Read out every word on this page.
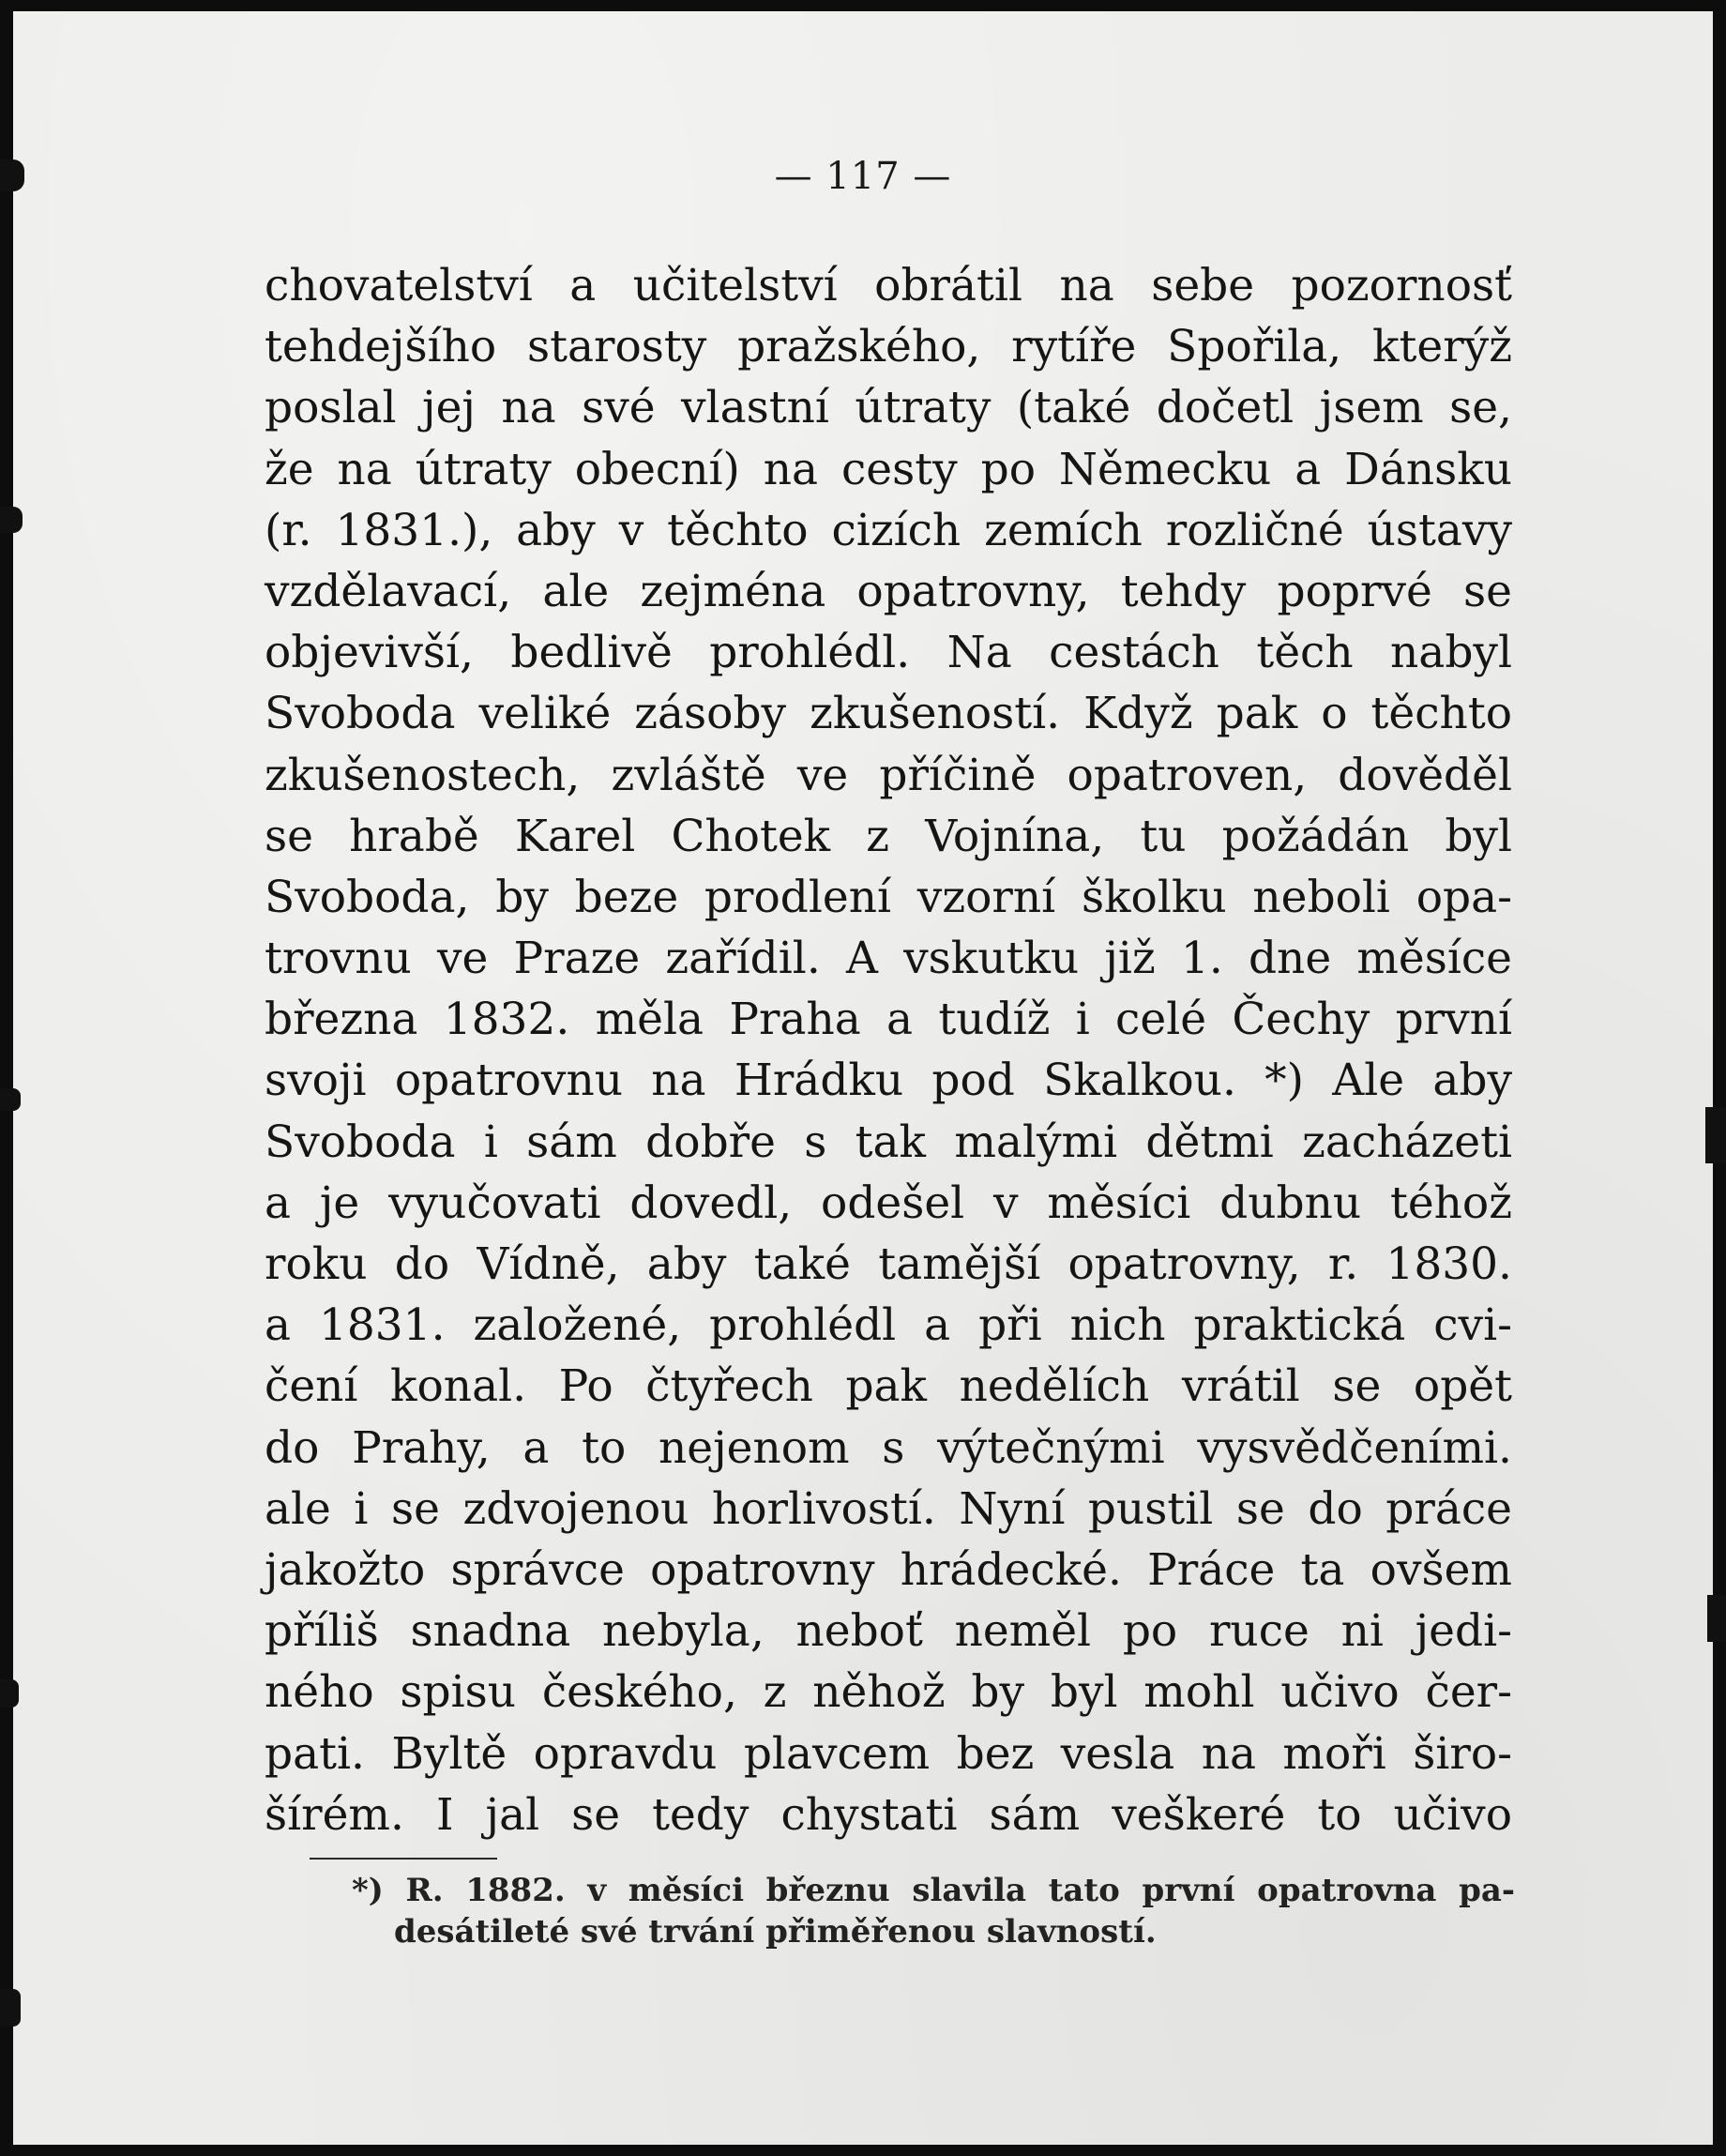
— 117 —
chovatelství a učitelství obrátil na sebe pozornosť
tehdejšího starosty pražského, rytíře Spořila, kterýž
poslal jej na své vlastní útraty (také dočetl jsem se,
že na útraty obecní) na cesty po Německu a Dánsku
(r. 1831.), aby v těchto cizích zemích rozličné ústavy
vzdělavací, ale zejména opatrovny, tehdy poprvé se
objevivší, bedlivě prohlédl. Na cestách těch nabyl
Svoboda veliké zásoby zkušeností. Když pak o těchto
zkušenostech, zvláště ve příčině opatroven, dověděl
se hrabě Karel Chotek z Vojnína, tu požádán byl
Svoboda, by beze prodlení vzorní školku neboli opa-
trovnu ve Praze zařídil. A vskutku již 1. dne měsíce
března 1832. měla Praha a tudíž i celé Čechy první
svoji opatrovnu na Hrádku pod Skalkou. *) Ale aby
Svoboda i sám dobře s tak malými dětmi zacházeti
a je vyučovati dovedl, odešel v měsíci dubnu téhož
roku do Vídně, aby také tamější opatrovny, r. 1830.
a 1831. založené, prohlédl a při nich praktická cvi-
čení konal. Po čtyřech pak nedělích vrátil se opět
do Prahy, a to nejenom s výtečnými vysvědčeními.
ale i se zdvojenou horlivostí. Nyní pustil se do práce
jakožto správce opatrovny hrádecké. Práce ta ovšem
příliš snadna nebyla, neboť neměl po ruce ni jedi-
ného spisu českého, z něhož by byl mohl učivo čer-
pati. Byltě opravdu plavcem bez vesla na moři širo-
šírém. I jal se tedy chystati sám veškeré to učivo
*) R. 1882. v měsíci březnu slavila tato první opatrovna pa-
desátileté své trvání přiměřenou slavností.
